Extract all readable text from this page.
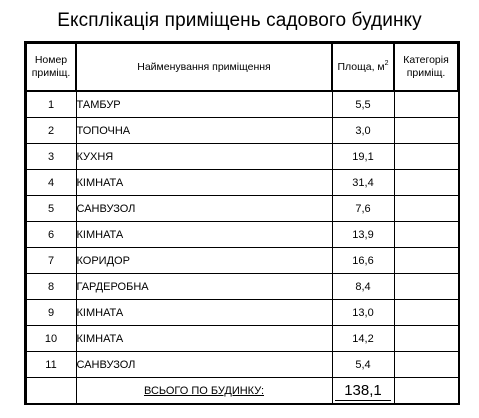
Експлікація приміщень садового будинку
Номер приміщ.	Найменування приміщення	Площа, $м^2$	Категорія приміщ.
1	ТАМБУР	5,5	
2	ТОПОЧНА	3,0	
3	КУХНЯ	19,1	
4	КІМНАТА	31,4	
5	САНВУЗОЛ	7,6	
6	КІМНАТА	13,9	
7	КОРИДОР	16,6	
8	ГАРДЕРОБНА	8,4	
9	КІМНАТА	13,0	
10	КІМНАТА	14,2	
11	САНВУЗОЛ	5,4	
	ВСЬОГО ПО БУДИНКУ:	138,1	
